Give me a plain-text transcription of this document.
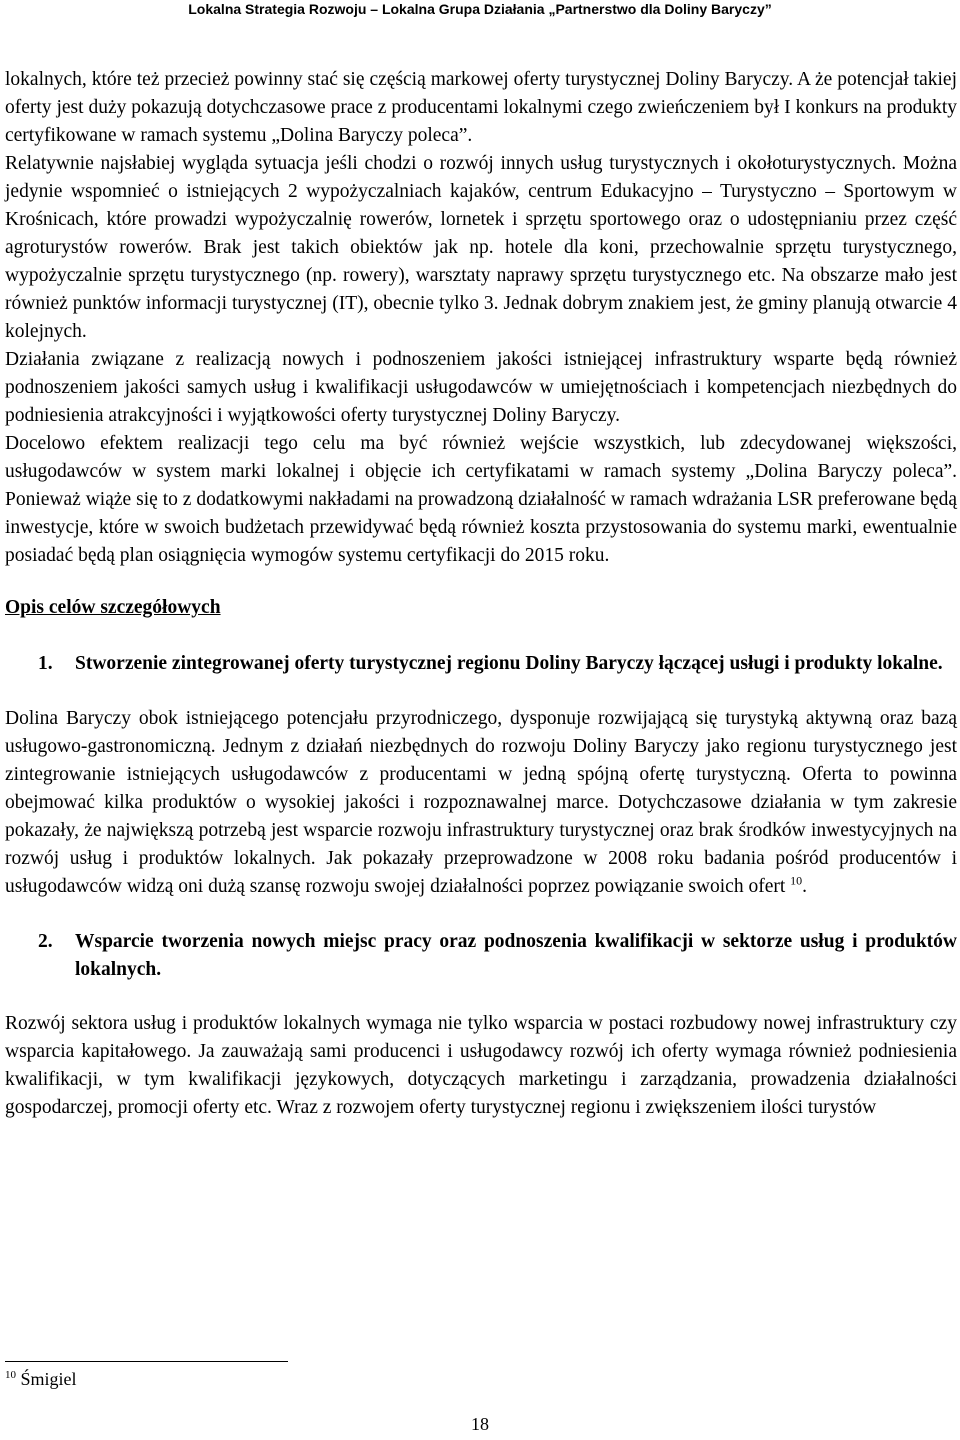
Lokalna Strategia Rozwoju – Lokalna Grupa Działania „Partnerstwo dla Doliny Baryczy”

lokalnych, które też przecież powinny stać się częścią markowej oferty turystycznej Doliny Baryczy. A że potencjał takiej oferty jest duży pokazują dotychczasowe prace z producentami lokalnymi czego zwieńczeniem był I konkurs na produkty certyfikowane w ramach systemu „Dolina Baryczy poleca”.

Relatywnie najsłabiej wygląda sytuacja jeśli chodzi o rozwój innych usług turystycznych i okołoturystycznych. Można jedynie wspomnieć o istniejących 2 wypożyczalniach kajaków, centrum Edukacyjno – Turystyczno – Sportowym w Krośnicach, które prowadzi wypożyczalnię rowerów, lornetek i sprzętu sportowego oraz o udostępnianiu przez część agroturystów rowerów. Brak jest takich obiektów jak np. hotele dla koni, przechowalnie sprzętu turystycznego, wypożyczalnie sprzętu turystycznego (np. rowery), warsztaty naprawy sprzętu turystycznego etc. Na obszarze mało jest również punktów informacji turystycznej (IT), obecnie tylko 3. Jednak dobrym znakiem jest, że gminy planują otwarcie 4 kolejnych.

Działania związane z realizacją nowych i podnoszeniem jakości istniejącej infrastruktury wsparte będą również podnoszeniem jakości samych usług i kwalifikacji usługodawców w umiejętnościach i kompetencjach niezbędnych do podniesienia atrakcyjności i wyjątkowości oferty turystycznej Doliny Baryczy.

Docelowo efektem realizacji tego celu ma być również wejście wszystkich, lub zdecydowanej większości, usługodawców w system marki lokalnej i objęcie ich certyfikatami w ramach systemy „Dolina Baryczy poleca”. Ponieważ wiąże się to z dodatkowymi nakładami na prowadzoną działalność w ramach wdrażania LSR preferowane będą inwestycje, które w swoich budżetach przewidywać będą również koszta przystosowania do systemu marki, ewentualnie posiadać będą plan osiągnięcia wymogów systemu certyfikacji do 2015 roku.

Opis celów szczegółowych

1. Stworzenie zintegrowanej oferty turystycznej regionu Doliny Baryczy łączącej usługi i produkty lokalne.

Dolina Baryczy obok istniejącego potencjału przyrodniczego, dysponuje rozwijającą się turystyką aktywną oraz bazą usługowo-gastronomiczną. Jednym z działań niezbędnych do rozwoju Doliny Baryczy jako regionu turystycznego jest zintegrowanie istniejących usługodawców z producentami w jedną spójną ofertę turystyczną. Oferta to powinna obejmować kilka produktów o wysokiej jakości i rozpoznawalnej marce. Dotychczasowe działania w tym zakresie pokazały, że największą potrzebą jest wsparcie rozwoju infrastruktury turystycznej oraz brak środków inwestycyjnych na rozwój usług i produktów lokalnych. Jak pokazały przeprowadzone w 2008 roku badania pośród producentów i usługodawców widzą oni dużą szansę rozwoju swojej działalności poprzez powiązanie swoich ofert $^{10}$.

2. Wsparcie tworzenia nowych miejsc pracy oraz podnoszenia kwalifikacji w sektorze usług i produktów lokalnych.

Rozwój sektora usług i produktów lokalnych wymaga nie tylko wsparcia w postaci rozbudowy nowej infrastruktury czy wsparcia kapitałowego. Ja zauważają sami producenci i usługodawcy rozwój ich oferty wymaga również podniesienia kwalifikacji, w tym kwalifikacji językowych, dotyczących marketingu i zarządzania, prowadzenia działalności gospodarczej, promocji oferty etc. Wraz z rozwojem oferty turystycznej regionu i zwiększeniem ilości turystów

$^{10}$ Śmigiel
18
